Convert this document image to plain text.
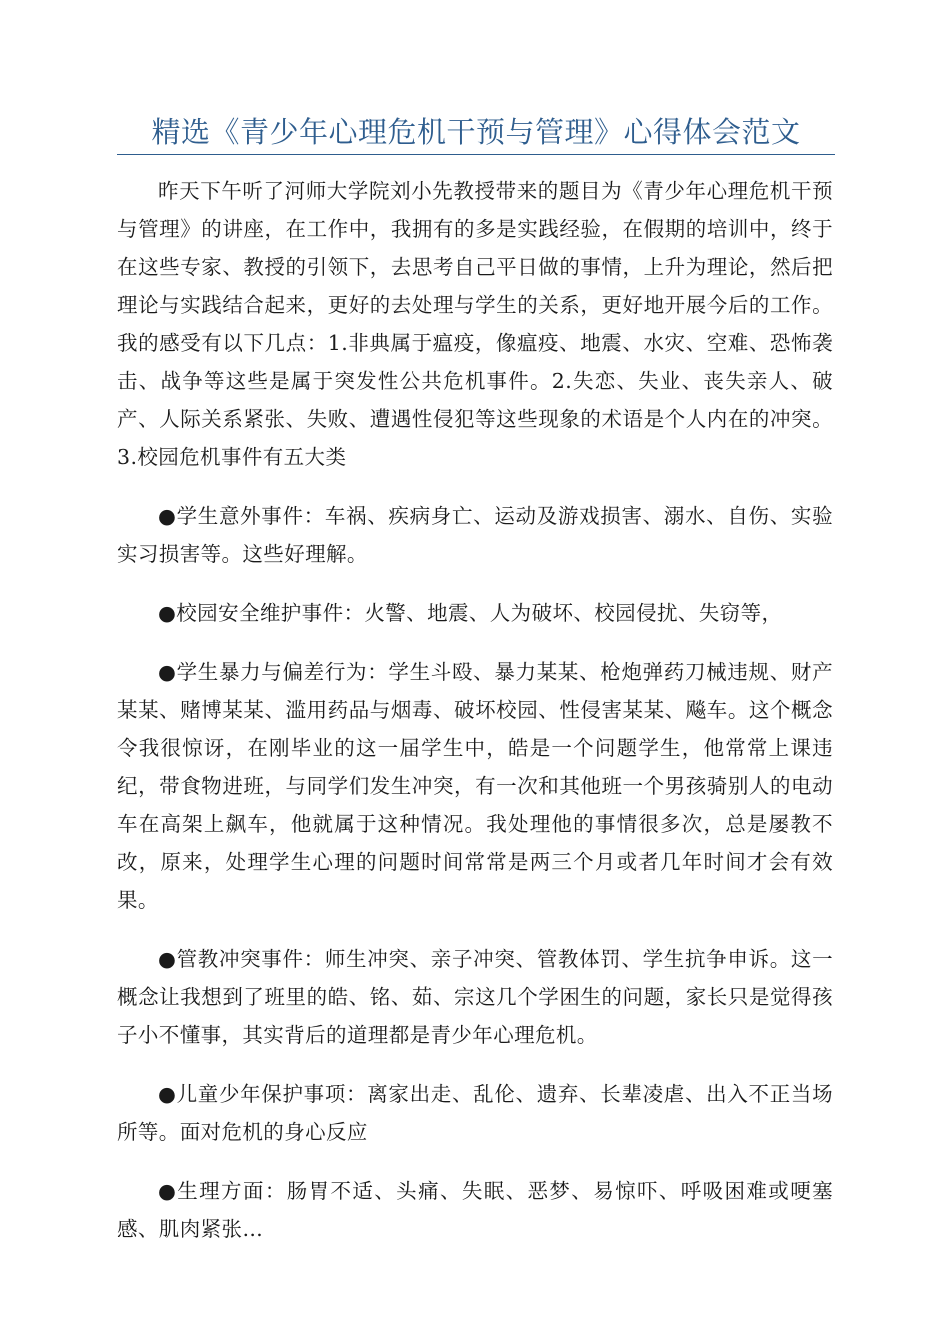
精选《青少年心理危机干预与管理》心得体会范文

昨天下午听了河师大学院刘小先教授带来的题目为《青少年心理危机干预与管理》的讲座，在工作中，我拥有的多是实践经验，在假期的培训中，终于在这些专家、教授的引领下，去思考自己平日做的事情，上升为理论，然后把理论与实践结合起来，更好的去处理与学生的关系，更好地开展今后的工作。我的感受有以下几点：1.非典属于瘟疫，像瘟疫、地震、水灾、空难、恐怖袭击、战争等这些是属于突发性公共危机事件。2.失恋、失业、丧失亲人、破产、人际关系紧张、失败、遭遇性侵犯等这些现象的术语是个人内在的冲突。3.校园危机事件有五大类

●学生意外事件：车祸、疾病身亡、运动及游戏损害、溺水、自伤、实验实习损害等。这些好理解。

●校园安全维护事件：火警、地震、人为破坏、校园侵扰、失窃等，

●学生暴力与偏差行为：学生斗殴、暴力某某、枪炮弹药刀械违规、财产某某、赌博某某、滥用药品与烟毒、破坏校园、性侵害某某、飚车。这个概念令我很惊讶，在刚毕业的这一届学生中，皓是一个问题学生，他常常上课违纪，带食物进班，与同学们发生冲突，有一次和其他班一个男孩骑别人的电动车在高架上飙车，他就属于这种情况。我处理他的事情很多次，总是屡教不改，原来，处理学生心理的问题时间常常是两三个月或者几年时间才会有效果。

●管教冲突事件：师生冲突、亲子冲突、管教体罚、学生抗争申诉。这一概念让我想到了班里的皓、铭、茹、宗这几个学困生的问题，家长只是觉得孩子小不懂事，其实背后的道理都是青少年心理危机。

●儿童少年保护事项：离家出走、乱伦、遗弃、长辈凌虐、出入不正当场所等。面对危机的身心反应

●生理方面：肠胃不适、头痛、失眠、恶梦、易惊吓、呼吸困难或哽塞感、肌肉紧张…
